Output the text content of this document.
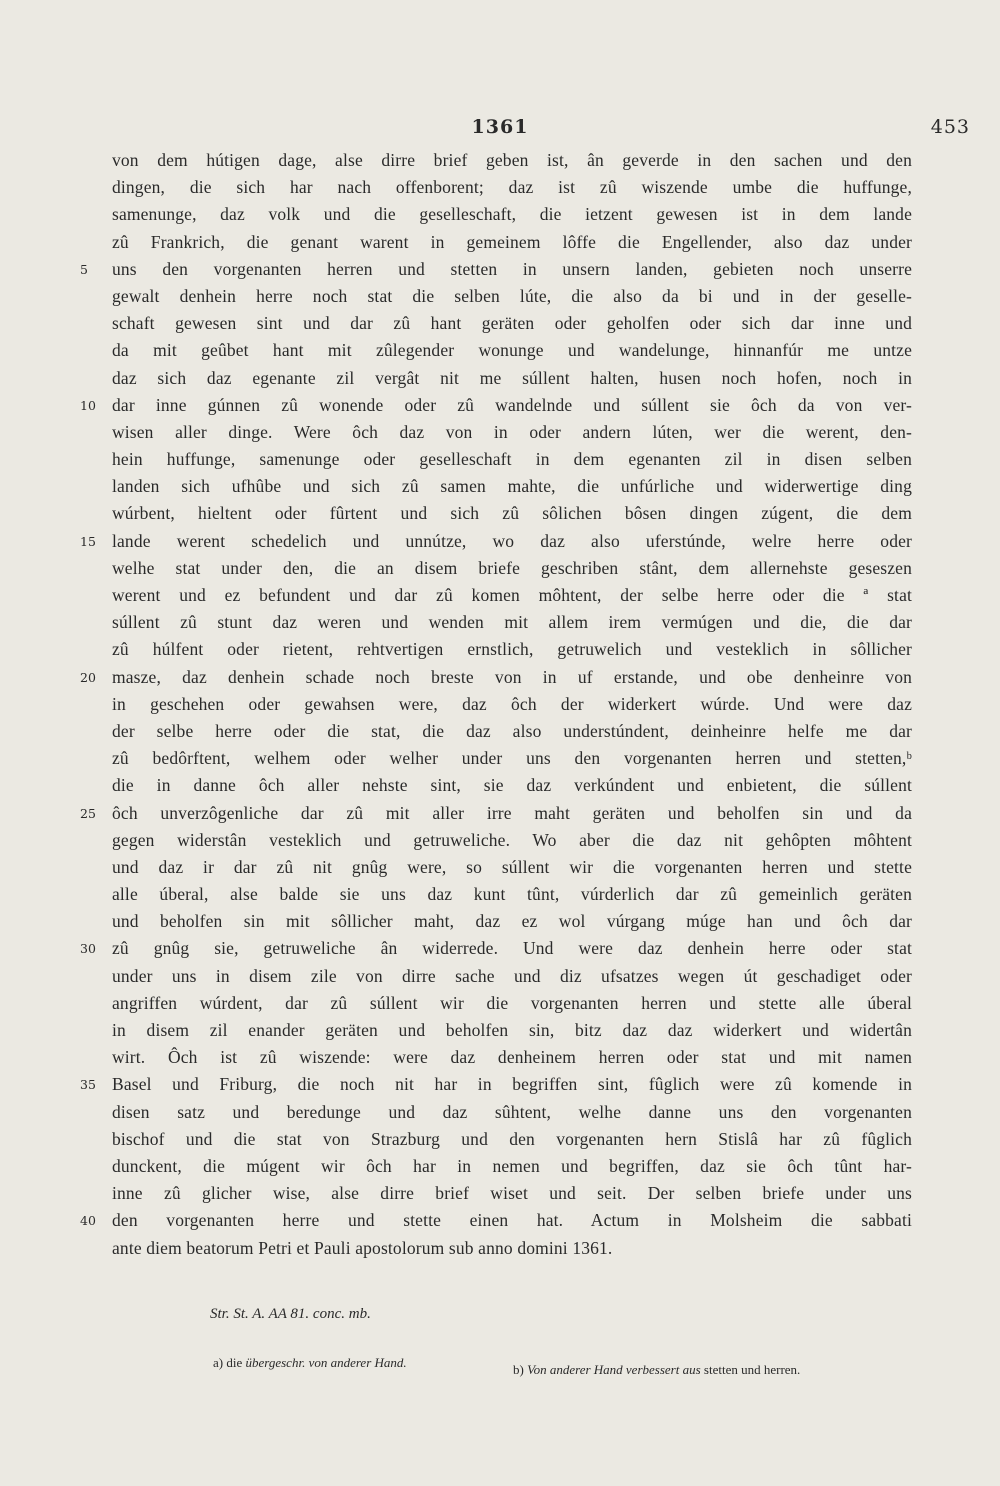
1361	453
von dem hútigen dage, alse dirre brief geben ist, ân geverde in den sachen und den
dingen, die sich har nach offenborent; daz ist zû wiszende umbe die huffunge,
samenunge, daz volk und die geselleschaft, die ietzent gewesen ist in dem lande
zû Frankrich, die genant warent in gemeinem lôffe die Engellender, also daz under
5	uns den vorgenanten herren und stetten in unsern landen, gebieten noch unserre
gewalt denhein herre noch stat die selben lúte, die also da bi und in der geselle-
schaft gewesen sint und dar zû hant geräten oder geholfen oder sich dar inne und
da mit geûbet hant mit zûlegender wonunge und wandelunge, hinnanfúr me untze
daz sich daz egenante zil vergât nit me súllent halten, husen noch hofen, noch in
10 dar inne gúnnen zû wonende oder zû wandelnde und súllent sie ôch da von ver-
wisen aller dinge. Were ôch daz von in oder andern lúten, wer die werent, den-
hein huffunge, samenunge oder geselleschaft in dem egenanten zil in disen selben
landen sich ufhûbe und sich zû samen mahte, die unfúrliche und widerwertige ding
wúrbent, hieltent oder fûrtent und sich zû sôlichen bôsen dingen zúgent, die dem
15 lande werent schedelich und unnútze, wo daz also uferstúnde, welre herre oder
welhe stat under den, die an disem briefe geschriben stânt, dem allernehste geseszen
werent und ez befundent und dar zû komen môhtent, der selbe herre oder die ª stat
súllent zû stunt daz weren und wenden mit allem irem vermúgen und die, die dar
zû húlfent oder rietent, rehtvertigen ernstlich, getruwelich und vesteklich in sôllicher
20 masze, daz denhein schade noch breste von in uf erstande, und obe denheinre von
in geschehen oder gewahsen were, daz ôch der widerkert wúrde. Und were daz
der selbe herre oder die stat, die daz also understúndent, deinheinre helfe me dar
zû bedôrftent, welhem oder welher under uns den vorgenanten herren und stetten,ᵇ
die in danne ôch aller nehste sint, sie daz verkúndent und enbietent, die súllent
25 ôch unverzôgenliche dar zû mit aller irre maht geräten und beholfen sin und da
gegen widerstân vesteklich und getruweliche. Wo aber die daz nit gehôpten môhtent
und daz ir dar zû nit gnûg were, so súllent wir die vorgenanten herren und stette
alle úberal, alse balde sie uns daz kunt tûnt, vúrderlich dar zû gemeinlich geräten
und beholfen sin mit sôllicher maht, daz ez wol vúrgang múge han und ôch dar
30 zû gnûg sie, getruweliche ân widerrede. Und were daz denhein herre oder stat
under uns in disem zile von dirre sache und diz ufsatzes wegen út geschadiget oder
angriffen wúrdent, dar zû súllent wir die vorgenanten herren und stette alle úberal
in disem zil enander geräten und beholfen sin, bitz daz daz widerkert und widertân
wirt. Ôch ist zû wiszende: were daz denheinem herren oder stat und mit namen
35 Basel und Friburg, die noch nit har in begriffen sint, fûglich were zû komende in
disen satz und beredunge und daz sûhtent, welhe danne uns den vorgenanten
bischof und die stat von Strazburg und den vorgenanten hern Stislâ har zû fûglich
dunckent, die múgent wir ôch har in nemen und begriffen, daz sie ôch tûnt har-
inne zû glicher wise, alse dirre brief wiset und seit. Der selben briefe under uns
40 den vorgenanten herre und stette einen hat. Actum in Molsheim die sabbati
ante diem beatorum Petri et Pauli apostolorum sub anno domini 1361.
Str. St. A. AA 81. conc. mb.
a) die übergeschr. von anderer Hand.	b) Von anderer Hand verbessert aus stetten und herren.
